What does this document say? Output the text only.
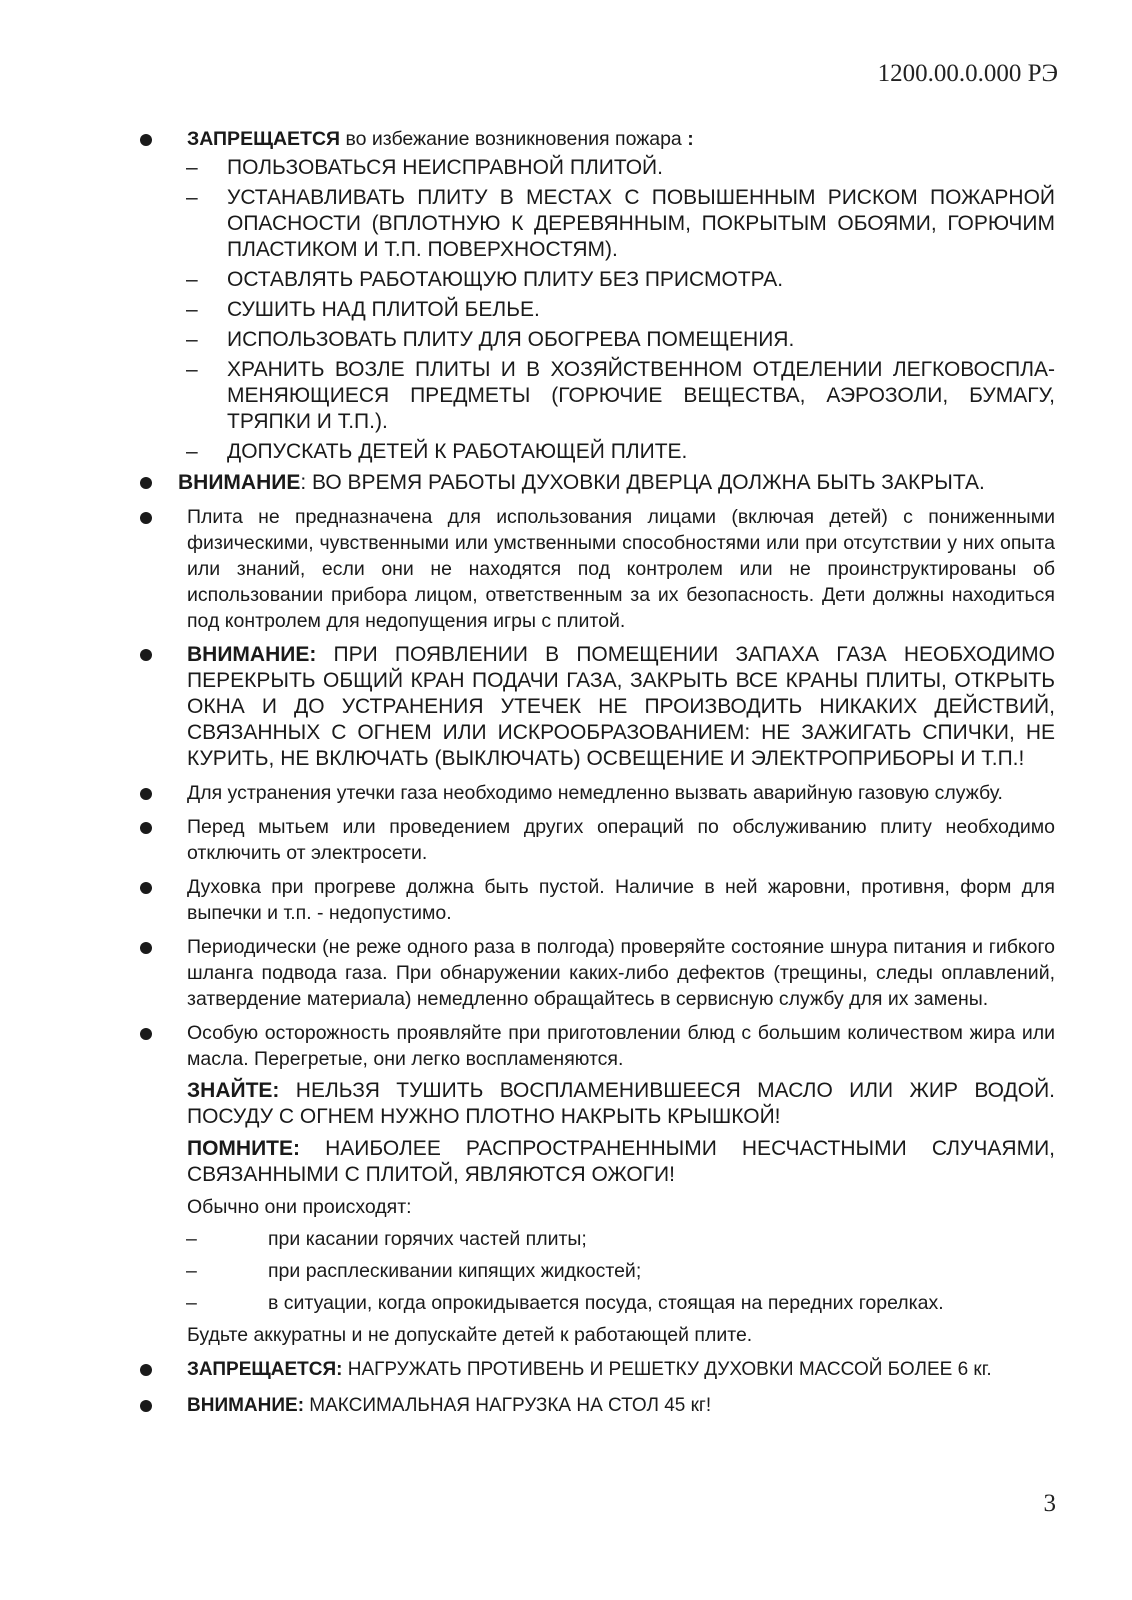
1200.00.0.000 РЭ
ЗАПРЕЩАЕТСЯ во избежание возникновения пожара :
– ПОЛЬЗОВАТЬСЯ НЕИСПРАВНОЙ ПЛИТОЙ.
– УСТАНАВЛИВАТЬ ПЛИТУ В МЕСТАХ С ПОВЫШЕННЫМ РИСКОМ ПОЖАРНОЙ ОПАСНОСТИ (ВПЛОТНУЮ К ДЕРЕВЯННЫМ, ПОКРЫТЫМ ОБОЯМИ, ГОРЮЧИМ ПЛАСТИКОМ И Т.П. ПОВЕРХНОСТЯМ).
– ОСТАВЛЯТЬ РАБОТАЮЩУЮ ПЛИТУ БЕЗ ПРИСМОТРА.
– СУШИТЬ НАД ПЛИТОЙ БЕЛЬЕ.
– ИСПОЛЬЗОВАТЬ ПЛИТУ ДЛЯ ОБОГРЕВА ПОМЕЩЕНИЯ.
– ХРАНИТЬ ВОЗЛЕ ПЛИТЫ И В ХОЗЯЙСТВЕННОМ ОТДЕЛЕНИИ ЛЕГКОВОСПЛА-МЕНЯЮЩИЕСЯ ПРЕДМЕТЫ (ГОРЮЧИЕ ВЕЩЕСТВА, АЭРОЗОЛИ, БУМАГУ, ТРЯПКИ И Т.П.).
– ДОПУСКАТЬ ДЕТЕЙ К РАБОТАЮЩЕЙ ПЛИТЕ.
ВНИМАНИЕ: ВО ВРЕМЯ РАБОТЫ ДУХОВКИ ДВЕРЦА ДОЛЖНА БЫТЬ ЗАКРЫТА.
Плита не предназначена для использования лицами (включая детей) с пониженными физическими, чувственными или умственными способностями или при отсутствии у них опыта или знаний, если они не находятся под контролем или не проинструктированы об использовании прибора лицом, ответственным за их безопасность. Дети должны находиться под контролем для недопущения игры с плитой.
ВНИМАНИЕ: ПРИ ПОЯВЛЕНИИ В ПОМЕЩЕНИИ ЗАПАХА ГАЗА НЕОБХОДИМО ПЕРЕКРЫТЬ ОБЩИЙ КРАН ПОДАЧИ ГАЗА, ЗАКРЫТЬ ВСЕ КРАНЫ ПЛИТЫ, ОТКРЫТЬ ОКНА И ДО УСТРАНЕНИЯ УТЕЧЕК НЕ ПРОИЗВОДИТЬ НИКАКИХ ДЕЙСТВИЙ, СВЯЗАННЫХ С ОГНЕМ ИЛИ ИСКРООБРАЗОВАНИЕМ: НЕ ЗАЖИГАТЬ СПИЧКИ, НЕ КУРИТЬ, НЕ ВКЛЮЧАТЬ (ВЫКЛЮЧАТЬ) ОСВЕЩЕНИЕ И ЭЛЕКТРОПРИБОРЫ И Т.П.!
Для устранения утечки газа необходимо немедленно вызвать аварийную газовую службу.
Перед мытьем или проведением других операций по обслуживанию плиту необходимо отключить от электросети.
Духовка при прогреве должна быть пустой. Наличие в ней жаровни, противня, форм для выпечки и т.п. - недопустимо.
Периодически (не реже одного раза в полгода) проверяйте состояние шнура питания и гибкого шланга подвода газа. При обнаружении каких-либо дефектов (трещины, следы оплавлений, затвердение материала) немедленно обращайтесь в сервисную службу для их замены.
Особую осторожность проявляйте при приготовлении блюд с большим количеством жира или масла. Перегретые, они легко воспламеняются.
ЗНАЙТЕ: НЕЛЬЗЯ ТУШИТЬ ВОСПЛАМЕНИВШЕЕСЯ МАСЛО ИЛИ ЖИР ВОДОЙ. ПОСУДУ С ОГНЕМ НУЖНО ПЛОТНО НАКРЫТЬ КРЫШКОЙ!
ПОМНИТЕ: НАИБОЛЕЕ РАСПРОСТРАНЕННЫМИ НЕСЧАСТНЫМИ СЛУЧАЯМИ, СВЯЗАННЫМИ С ПЛИТОЙ, ЯВЛЯЮТСЯ ОЖОГИ!
Обычно они происходят:
– при касании горячих частей плиты;
– при расплескивании кипящих жидкостей;
– в ситуации, когда опрокидывается посуда, стоящая на передних горелках.
Будьте аккуратны и не допускайте детей к работающей плите.
ЗАПРЕЩАЕТСЯ: НАГРУЖАТЬ ПРОТИВЕНЬ И РЕШЕТКУ ДУХОВКИ МАССОЙ БОЛЕЕ 6 кг.
ВНИМАНИЕ: МАКСИМАЛЬНАЯ НАГРУЗКА НА СТОЛ 45 кг!
3
